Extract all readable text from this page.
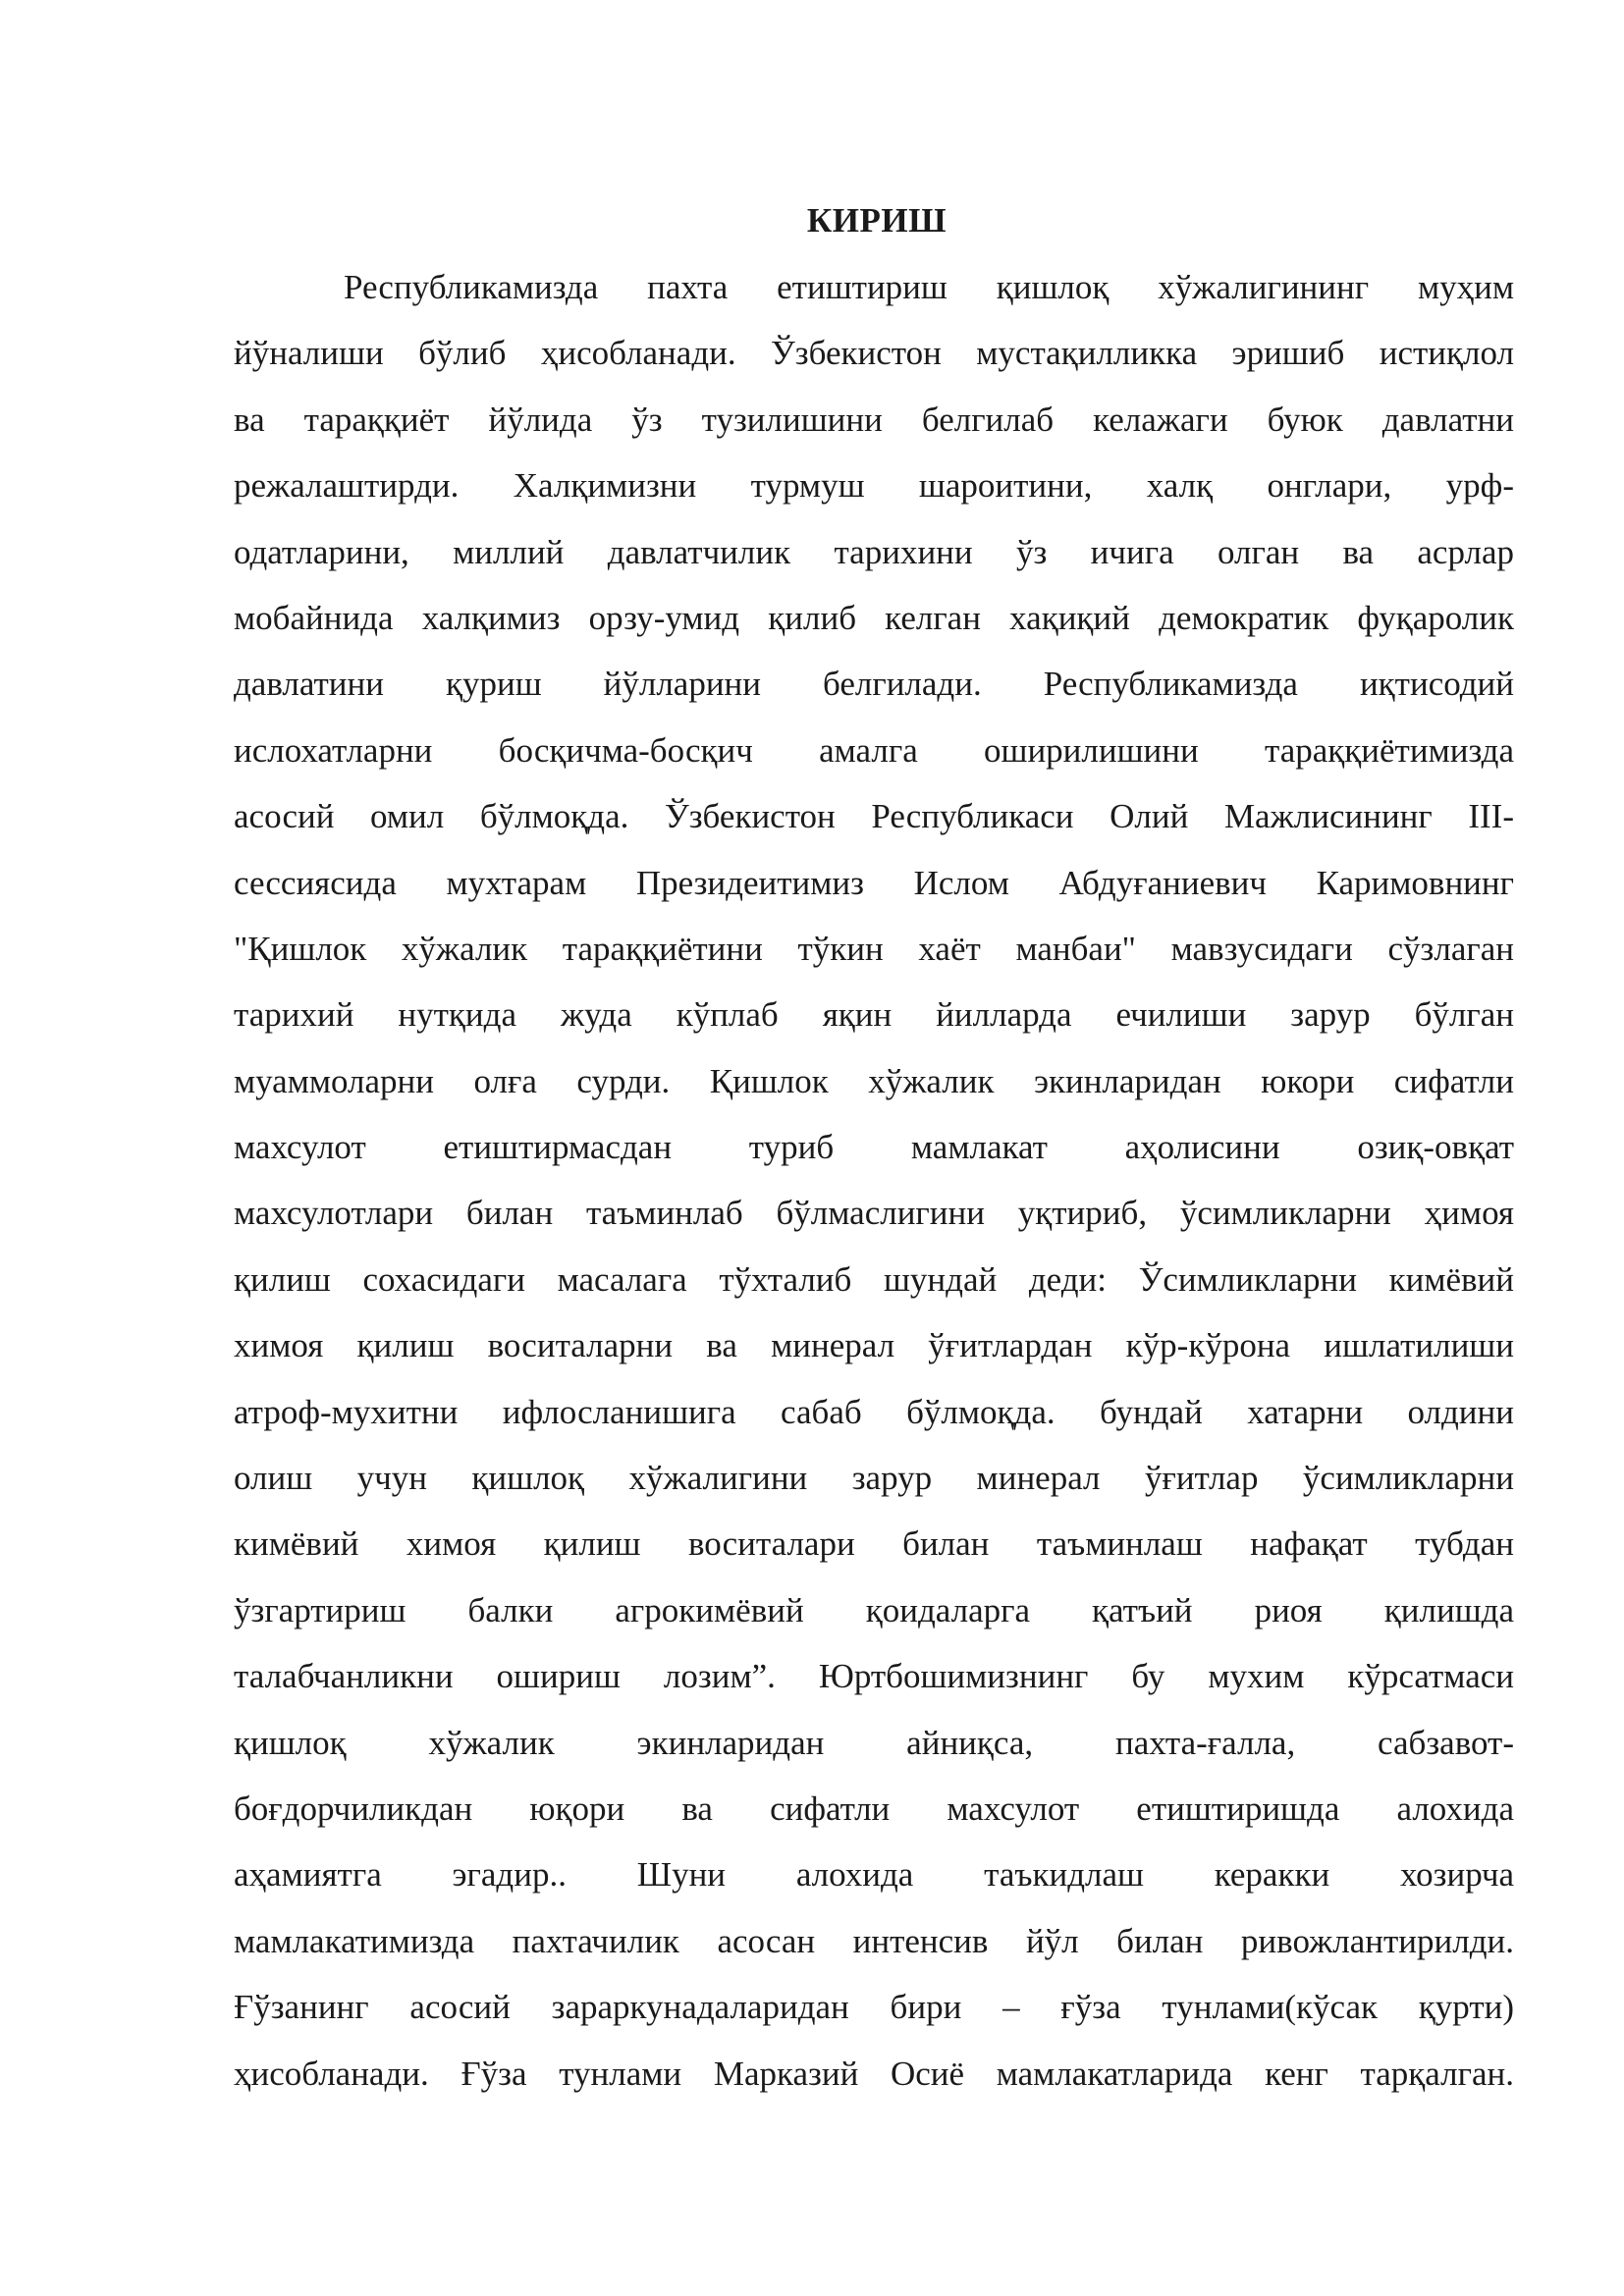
КИРИШ
Республикамизда пахта етиштириш қишлоқ хўжалигининг муҳим
йўналиши бўлиб ҳисобланади. Ўзбекистон мустақилликка эришиб истиқлол
ва тараққиёт йўлида ўз тузилишини белгилаб келажаги буюк давлатни
режалаштирди. Халқимизни турмуш шароитини, халқ онглари, урф-
одатларини, миллий давлатчилик тарихини ўз ичига олган ва асрлар
мобайнида халқимиз орзу-умид қилиб келган хақиқий демократик фуқаролик
давлатини қуриш йўлларини белгилади. Республикамизда иқтисодий
ислохатларни босқичма-босқич амалга оширилишини тараққиётимизда
асосий омил бўлмоқда. Ўзбекистон Республикаси Олий Мажлисининг III-
сессиясида мухтарам Президеитимиз Ислом Абдуғаниевич Каримовнинг
"Қишлок хўжалик тараққиётини тўкин хаёт манбаи" мавзусидаги сўзлаган
тарихий нутқида жуда кўплаб яқин йилларда ечилиши зарур бўлган
муаммоларни олға сурди. Қишлок хўжалик экинларидан юкори сифатли
махсулот етиштирмасдан туриб мамлакат аҳолисини озиқ-овқат
махсулотлари билан таъминлаб бўлмаслигини уқтириб, ўсимликларни ҳимоя
қилиш сохасидаги масалага тўхталиб шундай деди: Ўсимликларни кимёвий
химоя қилиш воситаларни ва минерал ўғитлардан кўр-кўрона ишлатилиши
атроф-мухитни ифлосланишига сабаб бўлмоқда. бундай хатарни олдини
олиш учун қишлоқ хўжалигини зарур минерал ўғитлар ўсимликларни
кимёвий химоя қилиш воситалари билан таъминлаш нафақат тубдан
ўзгартириш балки агрокимёвий қоидаларга қатъий риоя қилишда
талабчанликни ошириш лозим”. Юртбошимизнинг бу мухим кўрсатмаси
қишлоқ хўжалик экинларидан айниқса, пахта-ғалла, сабзавот-
боғдорчиликдан юқори ва сифатли махсулот етиштиришда алохида
аҳамиятга эгадир.. Шуни алохида таъкидлаш керакки хозирча
мамлакатимизда пахтачилик асосан интенсив йўл билан ривожлантирилди.
Ғўзанинг асосий зараркунадаларидан бири – ғўза тунлами(кўсак қурти)
ҳисобланади. Ғўза тунлами Марказий Осиё мамлакатларида кенг тарқалган.
